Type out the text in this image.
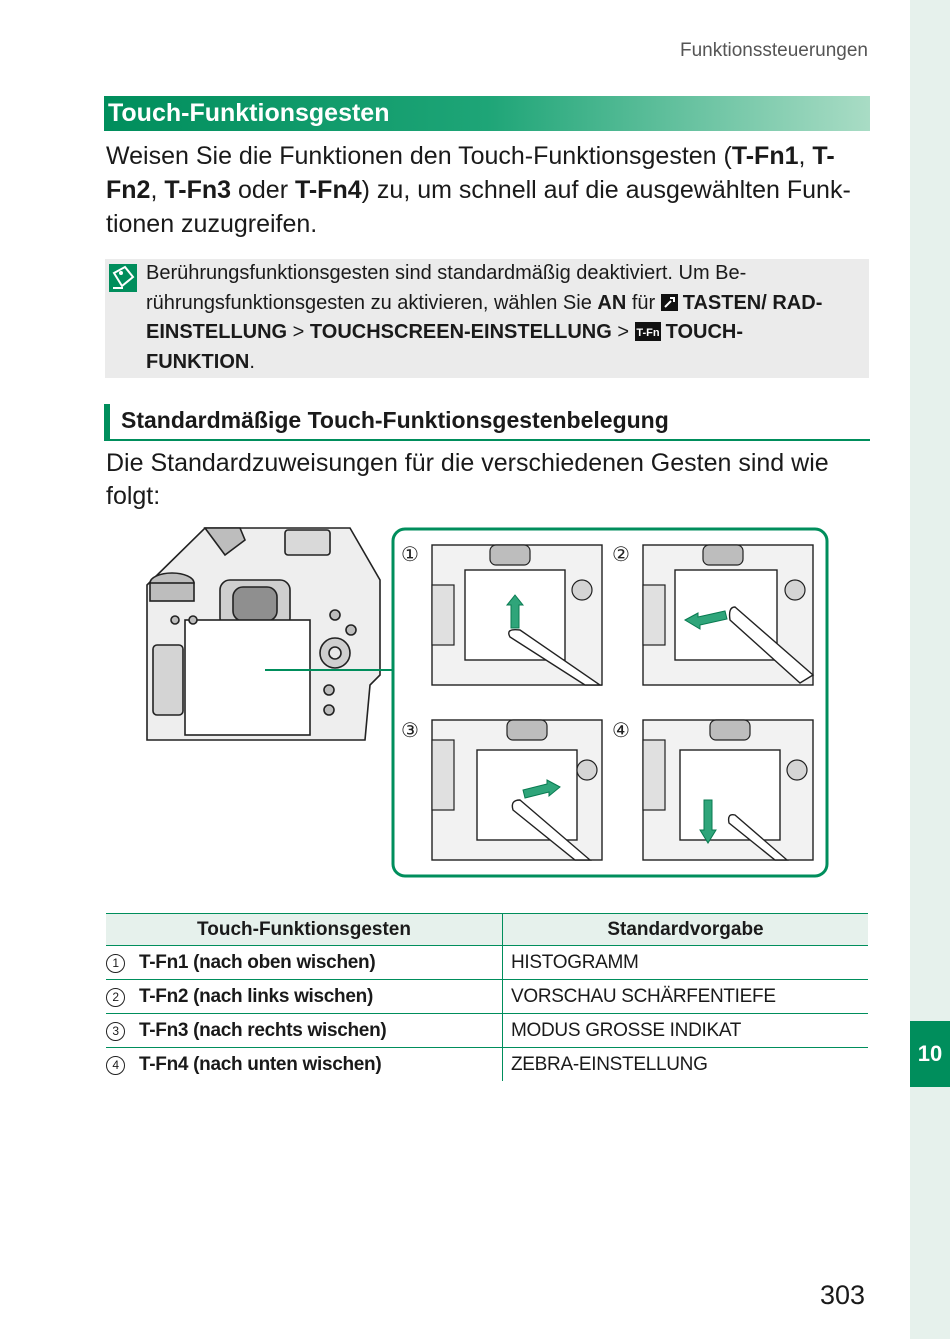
10
Funktionssteuerungen
Touch-Funktionsgesten
Weisen Sie die Funktionen den Touch-Funktionsgesten (T-Fn1, T-Fn2, T-Fn3 oder T-Fn4) zu, um schnell auf die ausgewählten Funk-tionen zuzugreifen.
Berührungsfunktionsgesten sind standardmäßig deaktiviert. Um Be-rührungsfunktionsgesten zu aktivieren, wählen Sie AN für TASTEN/ RAD-EINSTELLUNG > TOUCHSCREEN-EINSTELLUNG > T-Fn TOUCH-FUNKTION.
Standardmäßige Touch-Funktionsgestenbelegung
Die Standardzuweisungen für die verschiedenen Gesten sind wie folgt:
①	②
③	④
Touch-Funktionsgesten	Standardvorgabe
1 T-Fn1 (nach oben wischen)	HISTOGRAMM
2 T-Fn2 (nach links wischen)	VORSCHAU SCHÄRFENTIEFE
3 T-Fn3 (nach rechts wischen)	MODUS GROSSE INDIKAT
4 T-Fn4 (nach unten wischen)	ZEBRA-EINSTELLUNG
303
